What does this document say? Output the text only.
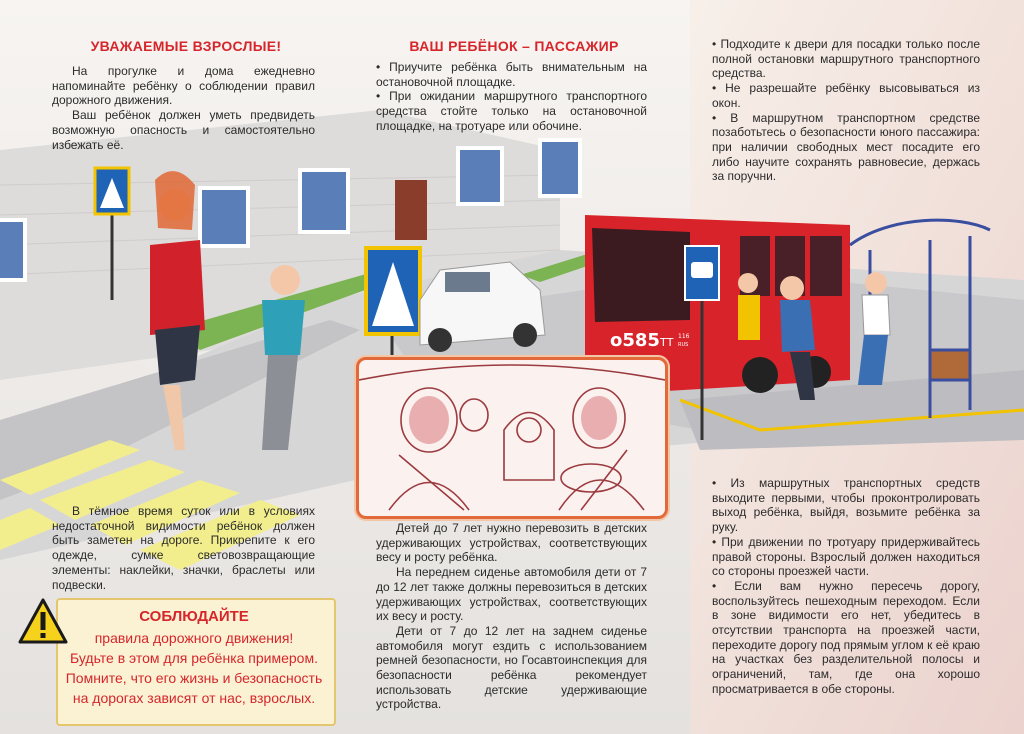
о585 ТТ 116
RUS
УВАЖАЕМЫЕ ВЗРОСЛЫЕ!

На прогулке и дома ежедневно напоминайте ребёнку о соблюдении правил дорожного движения.

Ваш ребёнок должен уметь предвидеть возможную опасность и самостоятельно избежать её.

ВАШ РЕБЁНОК – ПАССАЖИР

• Приучите ребёнка быть внимательным на остановочной площадке.

• При ожидании маршрутного транспортного средства стойте только на остановочной площадке, на тротуаре или обочине.

• Подходите к двери для посадки только после полной остановки маршрутного транспортного средства.

• Не разрешайте ребёнку высовываться из окон.

• В маршрутном транспортном средстве позаботьтесь о безопасности юного пассажира: при наличии свободных мест посадите его либо научите сохранять равновесие, держась за поручни.

В тёмное время суток или в условиях недостаточной видимости ребёнок должен быть заметен на дороге. Прикрепите к его одежде, сумке световозвращающие элементы: наклейки, значки, браслеты или подвески.

Детей до 7 лет нужно перевозить в детских удерживающих устройствах, соответствующих весу и росту ребёнка.

На переднем сиденье автомобиля дети от 7 до 12 лет также должны перевозиться в детских удерживающих устройствах, соответствующих их весу и росту.

Дети от 7 до 12 лет на заднем сиденье автомобиля могут ездить с использованием ремней безопасности, но Госавтоинспекция для безопасности ребёнка рекомендует использовать детские удерживающие устройства.

• Из маршрутных транспортных средств выходите первыми, чтобы проконтролировать выход ребёнка, выйдя, возьмите ребёнка за руку.

• При движении по тротуару придерживайтесь правой стороны. Взрослый должен находиться со стороны проезжей части.

• Если вам нужно пересечь дорогу, воспользуйтесь пешеходным переходом. Если в зоне видимости его нет, убедитесь в отсутствии транспорта на проезжей части, переходите дорогу под прямым углом к её краю на участках без разделительной полосы и ограничений, там, где она хорошо просматривается в обе стороны.

СОБЛЮДАЙТЕ

правила дорожного движения!

Будьте в этом для ребёнка примером.

Помните, что его жизнь и безопасность

на дорогах зависят от нас, взрослых.
